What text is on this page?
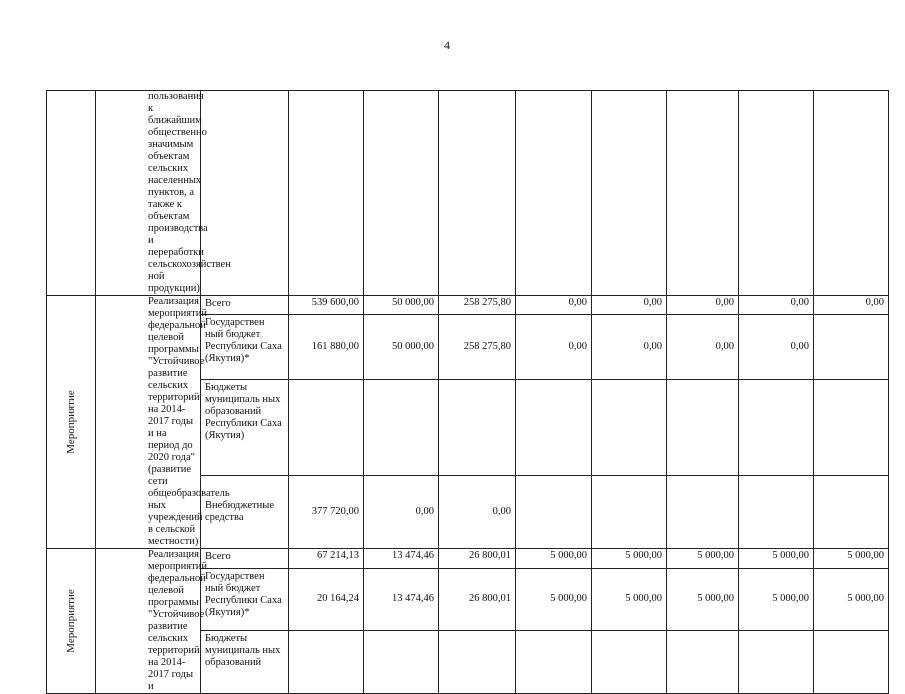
4
	пользования к ближайшим общественно значимым объектам сельских населенных пунктов, а также к объектам производства и переработки сельскохозяйствен ной продукции)									

Мероприятие	Реализация мероприятий федеральной целевой программы "Устойчивое развитие сельских территорий на 2014-2017 годы и на период до 2020 года" (развитие сети общеобразователь ных учреждений в сельской местности)	Всего	539 600,00	50 000,00	258 275,80	0,00	0,00	0,00	0,00	0,00
		Государствен ный бюджет Республики Саха (Якутия)*	161 880,00	50 000,00	258 275,80	0,00	0,00	0,00	0,00	
		Бюджеты муниципаль ных образований Республики Саха (Якутия)								
		Внебюджетные средства	377 720,00	0,00	0,00					

Мероприятие	Реализация мероприятий федеральной целевой программы "Устойчивое развитие сельских территорий на 2014-2017 годы и	Всего	67 214,13	13 474,46	26 800,01	5 000,00	5 000,00	5 000,00	5 000,00	5 000,00
		Государствен ный бюджет Республики Саха (Якутия)*	20 164,24	13 474,46	26 800,01	5 000,00	5 000,00	5 000,00	5 000,00	5 000,00
		Бюджеты муниципаль ных образований								
